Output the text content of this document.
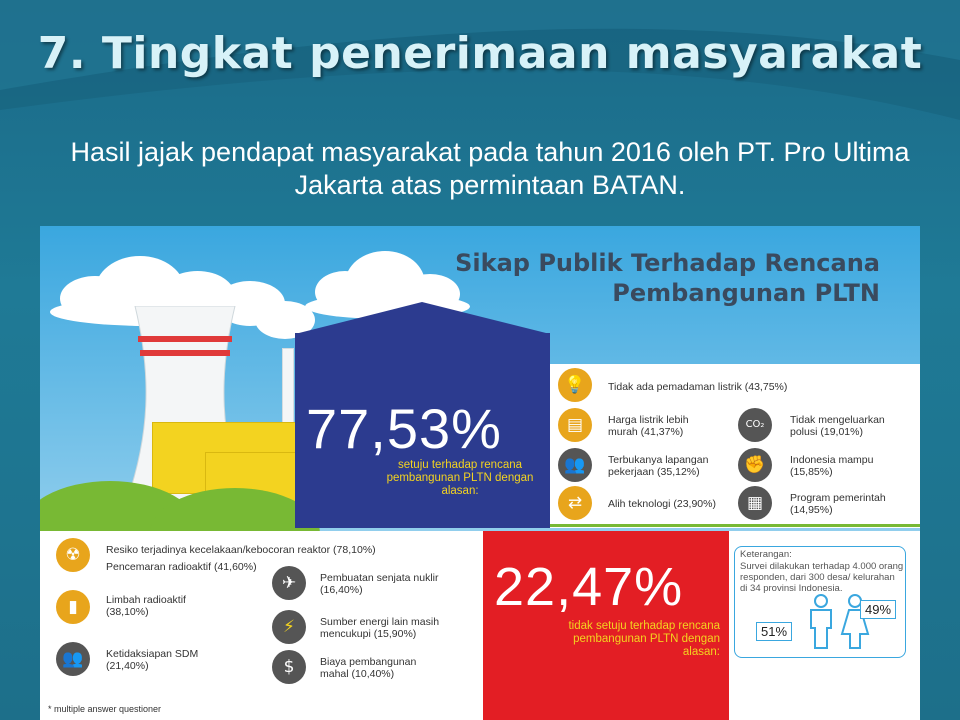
7. Tingkat penerimaan masyarakat
Hasil jajak pendapat masyarakat pada tahun 2016 oleh PT. Pro Ultima Jakarta atas permintaan BATAN.
Sikap Publik Terhadap Rencana
Pembangunan PLTN
77,53%
setuju terhadap rencana pembangunan PLTN dengan alasan:
💡	Tidak ada pemadaman listrik (43,75%)
▤	Harga listrik lebih murah (41,37%)
CO₂	Tidak mengeluarkan polusi (19,01%)
👥	Terbukanya lapangan pekerjaan (35,12%)	✊	Indonesia mampu (15,85%)
⇄	Alih teknologi (23,90%)	▦	Program pemerintah (14,95%)
☢	Resiko terjadinya kecelakaan/kebocoran reaktor (78,10%)
Pencemaran radioaktif (41,60%)
▮	Limbah radioaktif (38,10%)
✈	Pembuatan senjata nuklir (16,40%)
⚡	Sumber energi lain masih mencukupi (15,90%)
👥	Ketidaksiapan SDM (21,40%)	$	Biaya pembangunan mahal (10,40%)
* multiple answer questioner
22,47%
tidak setuju terhadap rencana pembangunan PLTN dengan alasan:
Keterangan:
Survei dilakukan terhadap 4.000 orang responden, dari 300 desa/ kelurahan di 34 provinsi Indonesia.
51%
49%
